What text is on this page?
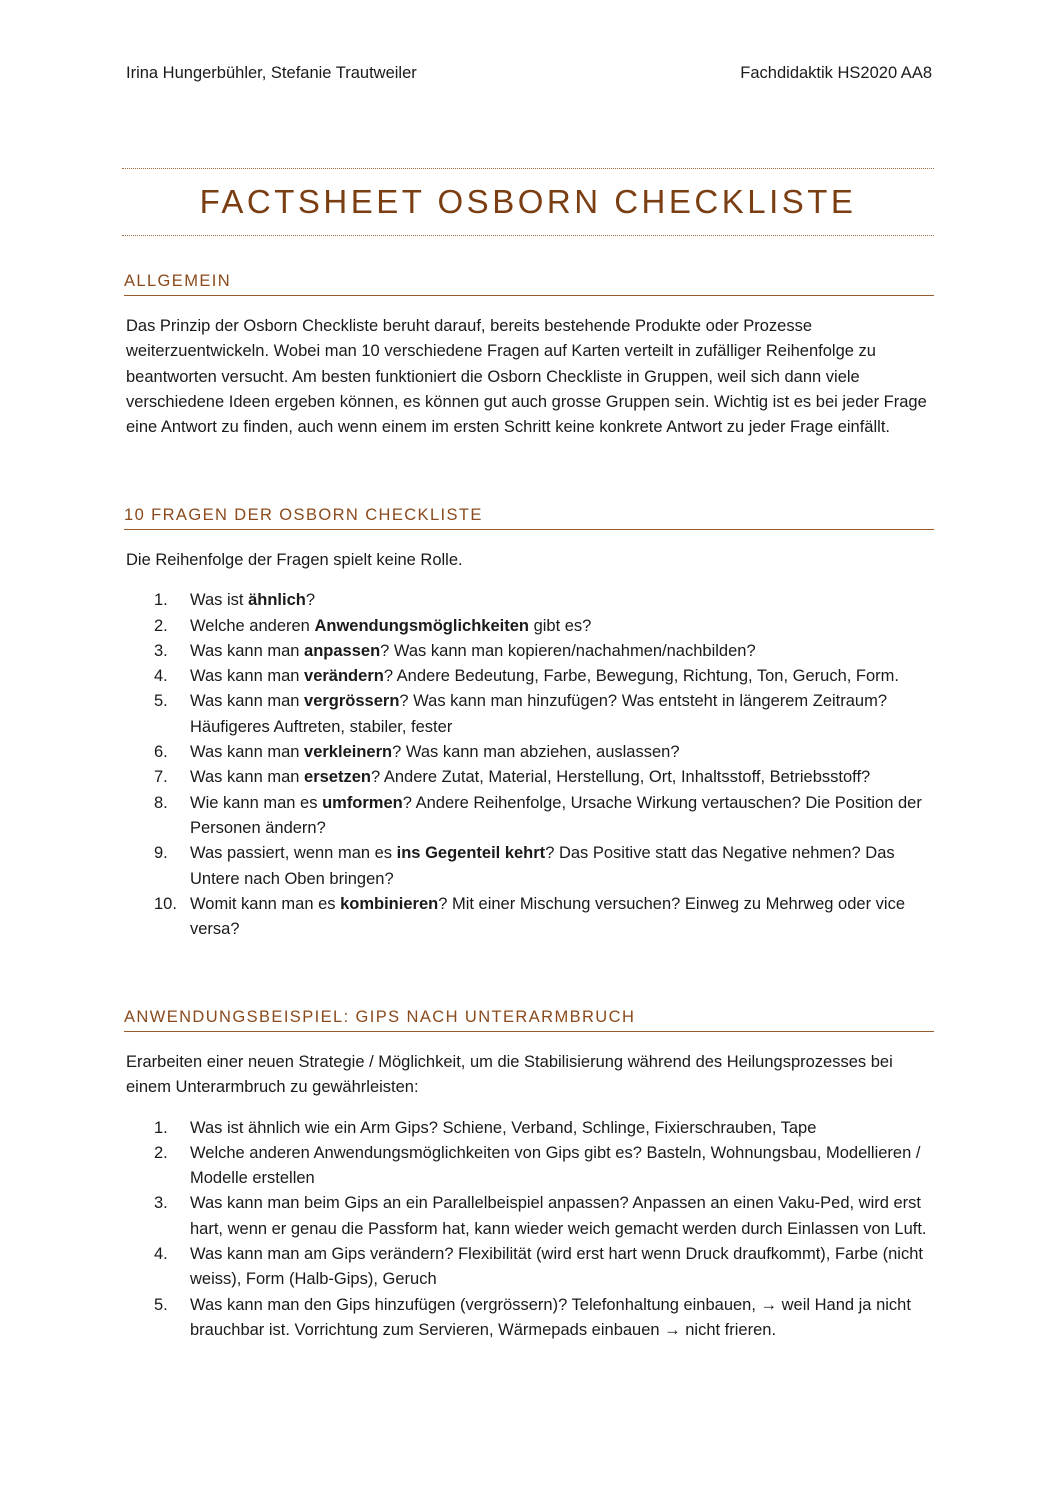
Irina Hungerbühler, Stefanie Trautweiler	Fachdidaktik HS2020 AA8
FACTSHEET OSBORN CHECKLISTE
ALLGEMEIN

Das Prinzip der Osborn Checkliste beruht darauf, bereits bestehende Produkte oder Prozesse weiterzuentwickeln. Wobei man 10 verschiedene Fragen auf Karten verteilt in zufälliger Reihenfolge zu beantworten versucht. Am besten funktioniert die Osborn Checkliste in Gruppen, weil sich dann viele verschiedene Ideen ergeben können, es können gut auch grosse Gruppen sein. Wichtig ist es bei jeder Frage eine Antwort zu finden, auch wenn einem im ersten Schritt keine konkrete Antwort zu jeder Frage einfällt.

10 FRAGEN DER OSBORN CHECKLISTE

Die Reihenfolge der Fragen spielt keine Rolle.

1.	Was ist ähnlich?
2.	Welche anderen Anwendungsmöglichkeiten gibt es?
3.	Was kann man anpassen? Was kann man kopieren/nachahmen/nachbilden?
4.	Was kann man verändern? Andere Bedeutung, Farbe, Bewegung, Richtung, Ton, Geruch, Form.
5.	Was kann man vergrössern? Was kann man hinzufügen? Was entsteht in längerem Zeitraum? Häufigeres Auftreten, stabiler, fester
6.	Was kann man verkleinern? Was kann man abziehen, auslassen?
7.	Was kann man ersetzen? Andere Zutat, Material, Herstellung, Ort, Inhaltsstoff, Betriebsstoff?
8.	Wie kann man es umformen? Andere Reihenfolge, Ursache Wirkung vertauschen? Die Position der Personen ändern?
9.	Was passiert, wenn man es ins Gegenteil kehrt? Das Positive statt das Negative nehmen? Das Untere nach Oben bringen?
10. Womit kann man es kombinieren? Mit einer Mischung versuchen? Einweg zu Mehrweg oder vice versa?
ANWENDUNGSBEISPIEL: GIPS NACH UNTERARMBRUCH

Erarbeiten einer neuen Strategie / Möglichkeit, um die Stabilisierung während des Heilungsprozesses bei einem Unterarmbruch zu gewährleisten:

1.	Was ist ähnlich wie ein Arm Gips? Schiene, Verband, Schlinge, Fixierschrauben, Tape
2.	Welche anderen Anwendungsmöglichkeiten von Gips gibt es? Basteln, Wohnungsbau, Modellieren / Modelle erstellen
3.	Was kann man beim Gips an ein Parallelbeispiel anpassen? Anpassen an einen Vaku-Ped, wird erst hart, wenn er genau die Passform hat, kann wieder weich gemacht werden durch Einlassen von Luft.
4.	Was kann man am Gips verändern? Flexibilität (wird erst hart wenn Druck draufkommt), Farbe (nicht weiss), Form (Halb-Gips), Geruch
5.	Was kann man den Gips hinzufügen (vergrössern)? Telefonhaltung einbauen, → weil Hand ja nicht brauchbar ist. Vorrichtung zum Servieren, Wärmepads einbauen → nicht frieren.
